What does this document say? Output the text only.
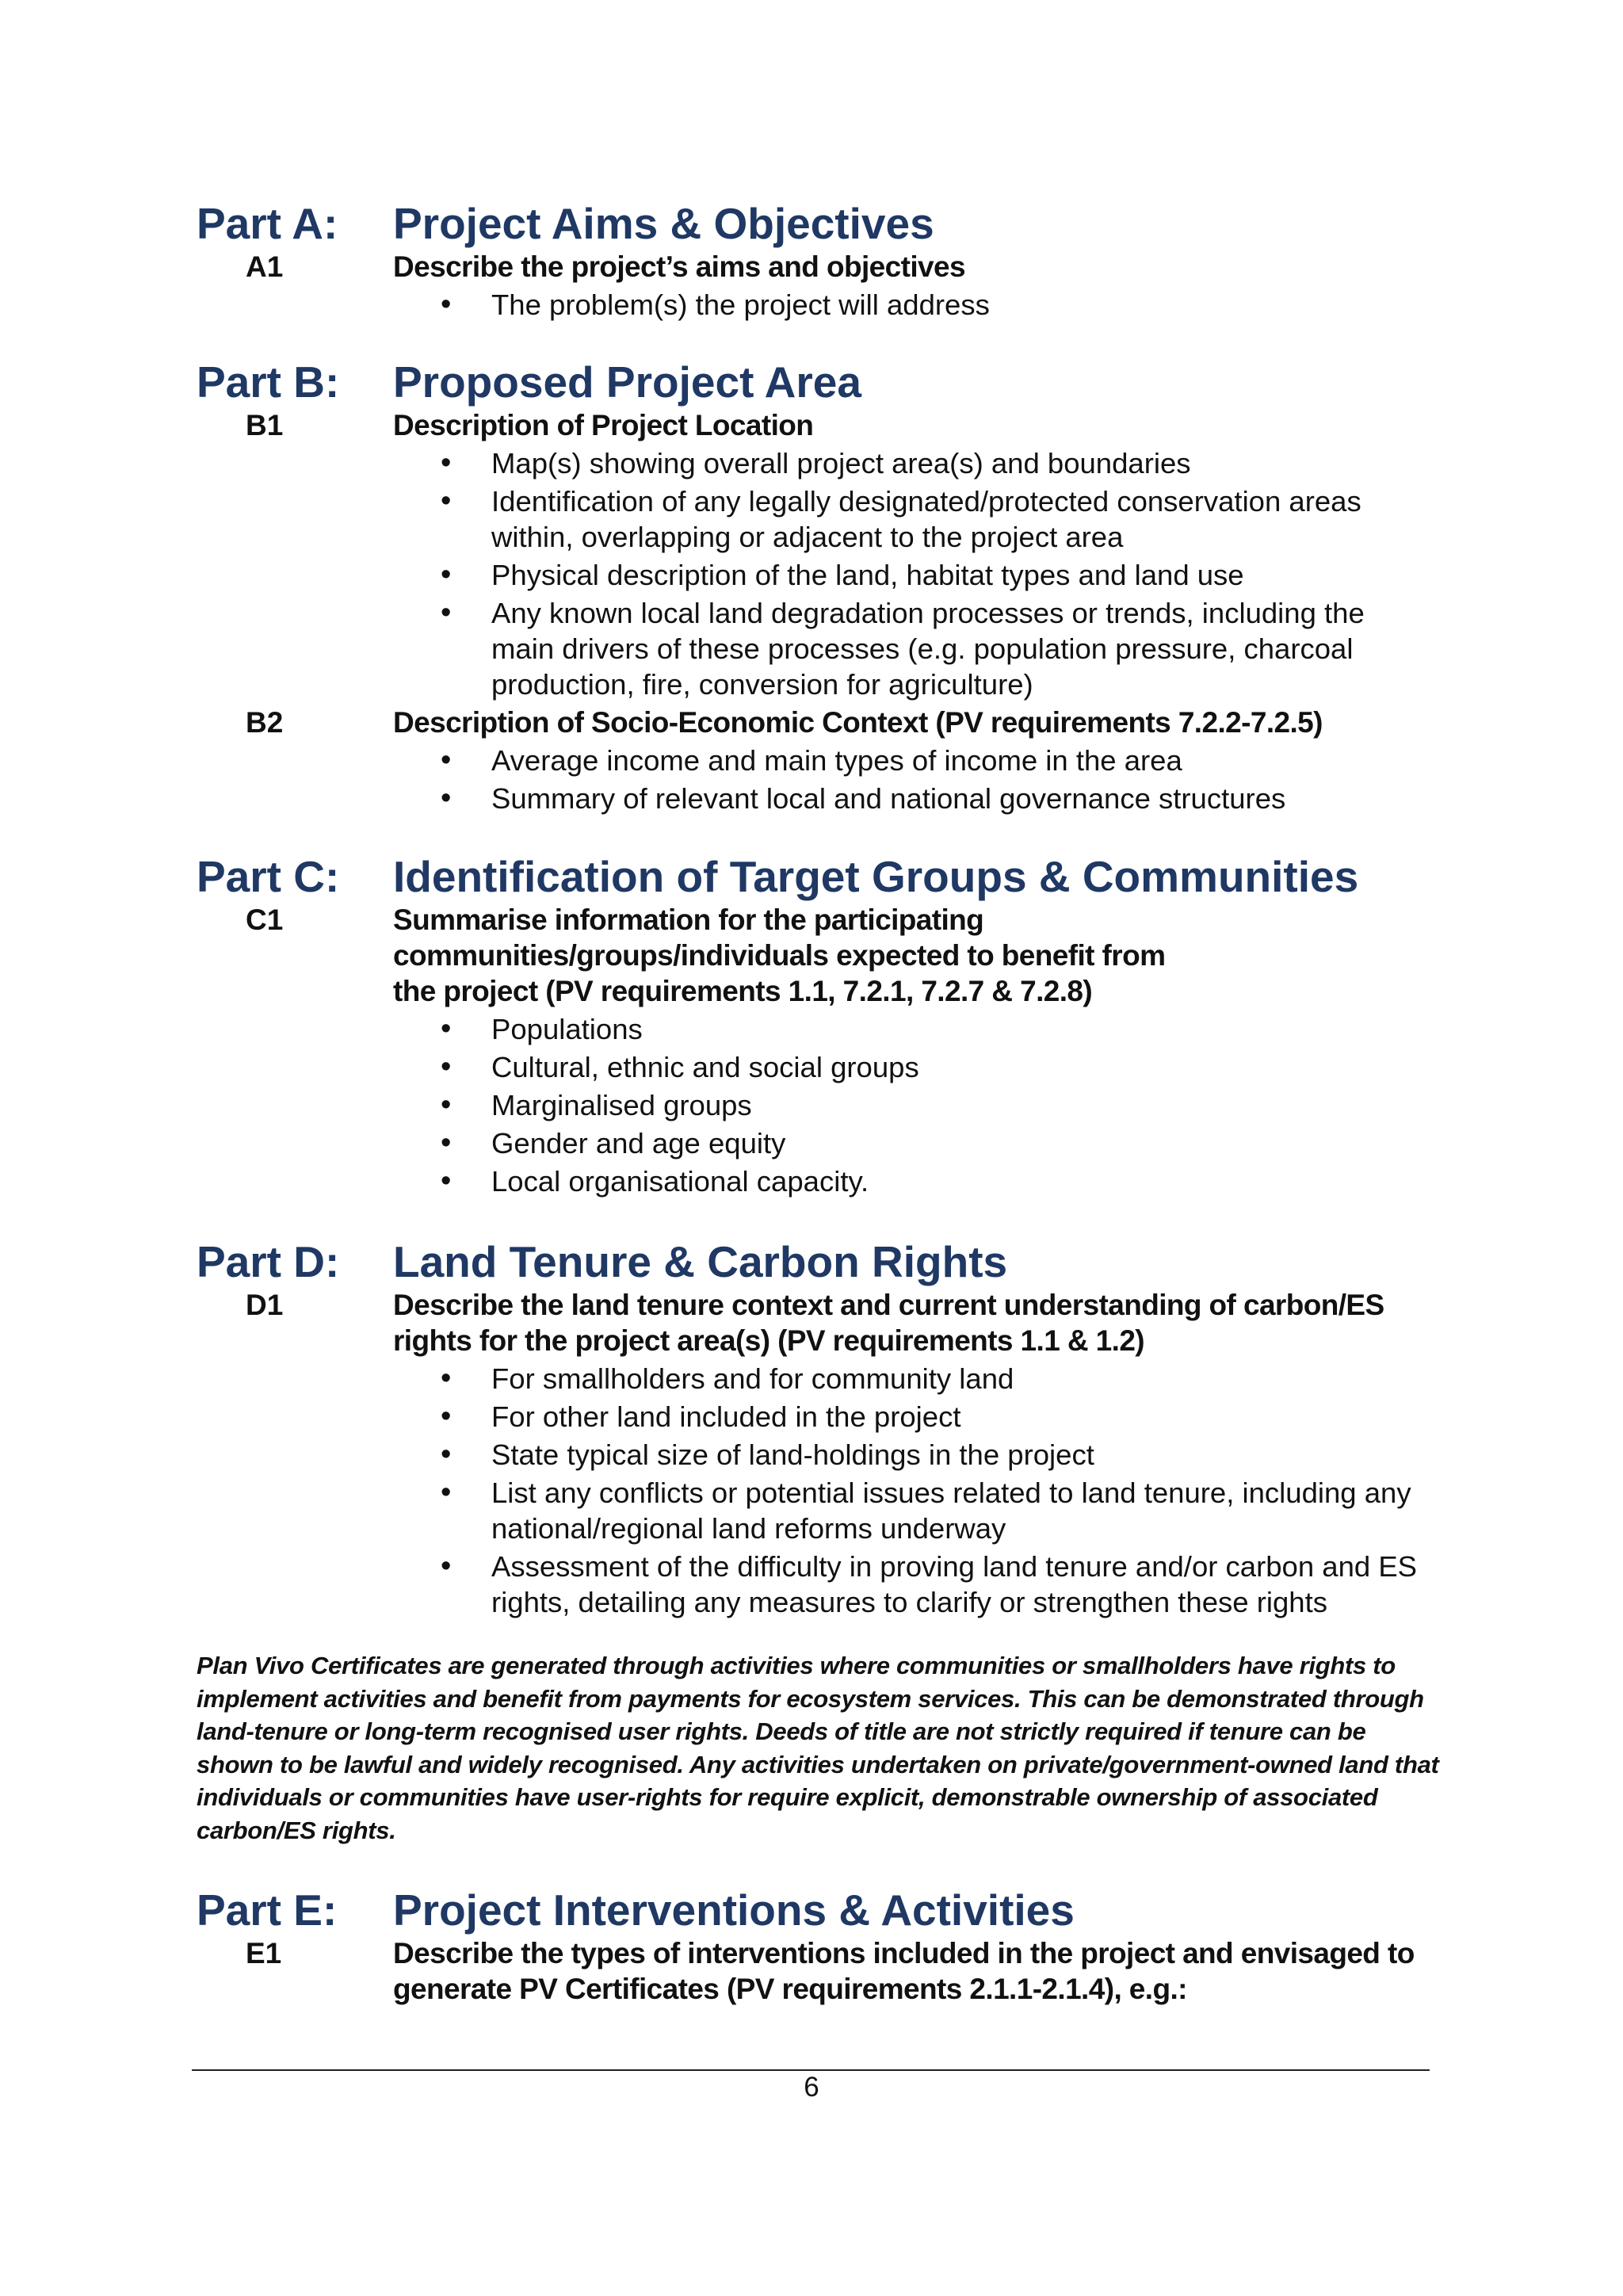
Part A:	Project Aims & Objectives
A1	Describe the project’s aims and objectives
• The problem(s) the project will address
Part B:	Proposed Project Area
B1	Description of Project Location
• Map(s) showing overall project area(s) and boundaries
• Identification of any legally designated/protected conservation areas within, overlapping or adjacent to the project area
• Physical description of the land, habitat types and land use
• Any known local land degradation processes or trends, including the main drivers of these processes (e.g. population pressure, charcoal production, fire, conversion for agriculture)
B2	Description of Socio-Economic Context (PV requirements 7.2.2-7.2.5)
• Average income and main types of income in the area
• Summary of relevant local and national governance structures
Part C:	Identification of Target Groups & Communities
C1	Summarise information for the participating communities/groups/individuals expected to benefit from the project (PV requirements 1.1, 7.2.1, 7.2.7 & 7.2.8)
• Populations
• Cultural, ethnic and social groups
• Marginalised groups
• Gender and age equity
• Local organisational capacity.
Part D:	Land Tenure & Carbon Rights
D1	Describe the land tenure context and current understanding of carbon/ES rights for the project area(s) (PV requirements 1.1 & 1.2)
• For smallholders and for community land
• For other land included in the project
• State typical size of land-holdings in the project
• List any conflicts or potential issues related to land tenure, including any national/regional land reforms underway
• Assessment of the difficulty in proving land tenure and/or carbon and ES rights, detailing any measures to clarify or strengthen these rights

Plan Vivo Certificates are generated through activities where communities or smallholders have rights to implement activities and benefit from payments for ecosystem services. This can be demonstrated through land-tenure or long-term recognised user rights. Deeds of title are not strictly required if tenure can be shown to be lawful and widely recognised. Any activities undertaken on private/government-owned land that individuals or communities have user-rights for require explicit, demonstrable ownership of associated carbon/ES rights.

Part E:	Project Interventions & Activities
E1	Describe the types of interventions included in the project and envisaged to generate PV Certificates (PV requirements 2.1.1-2.1.4), e.g.:
6
